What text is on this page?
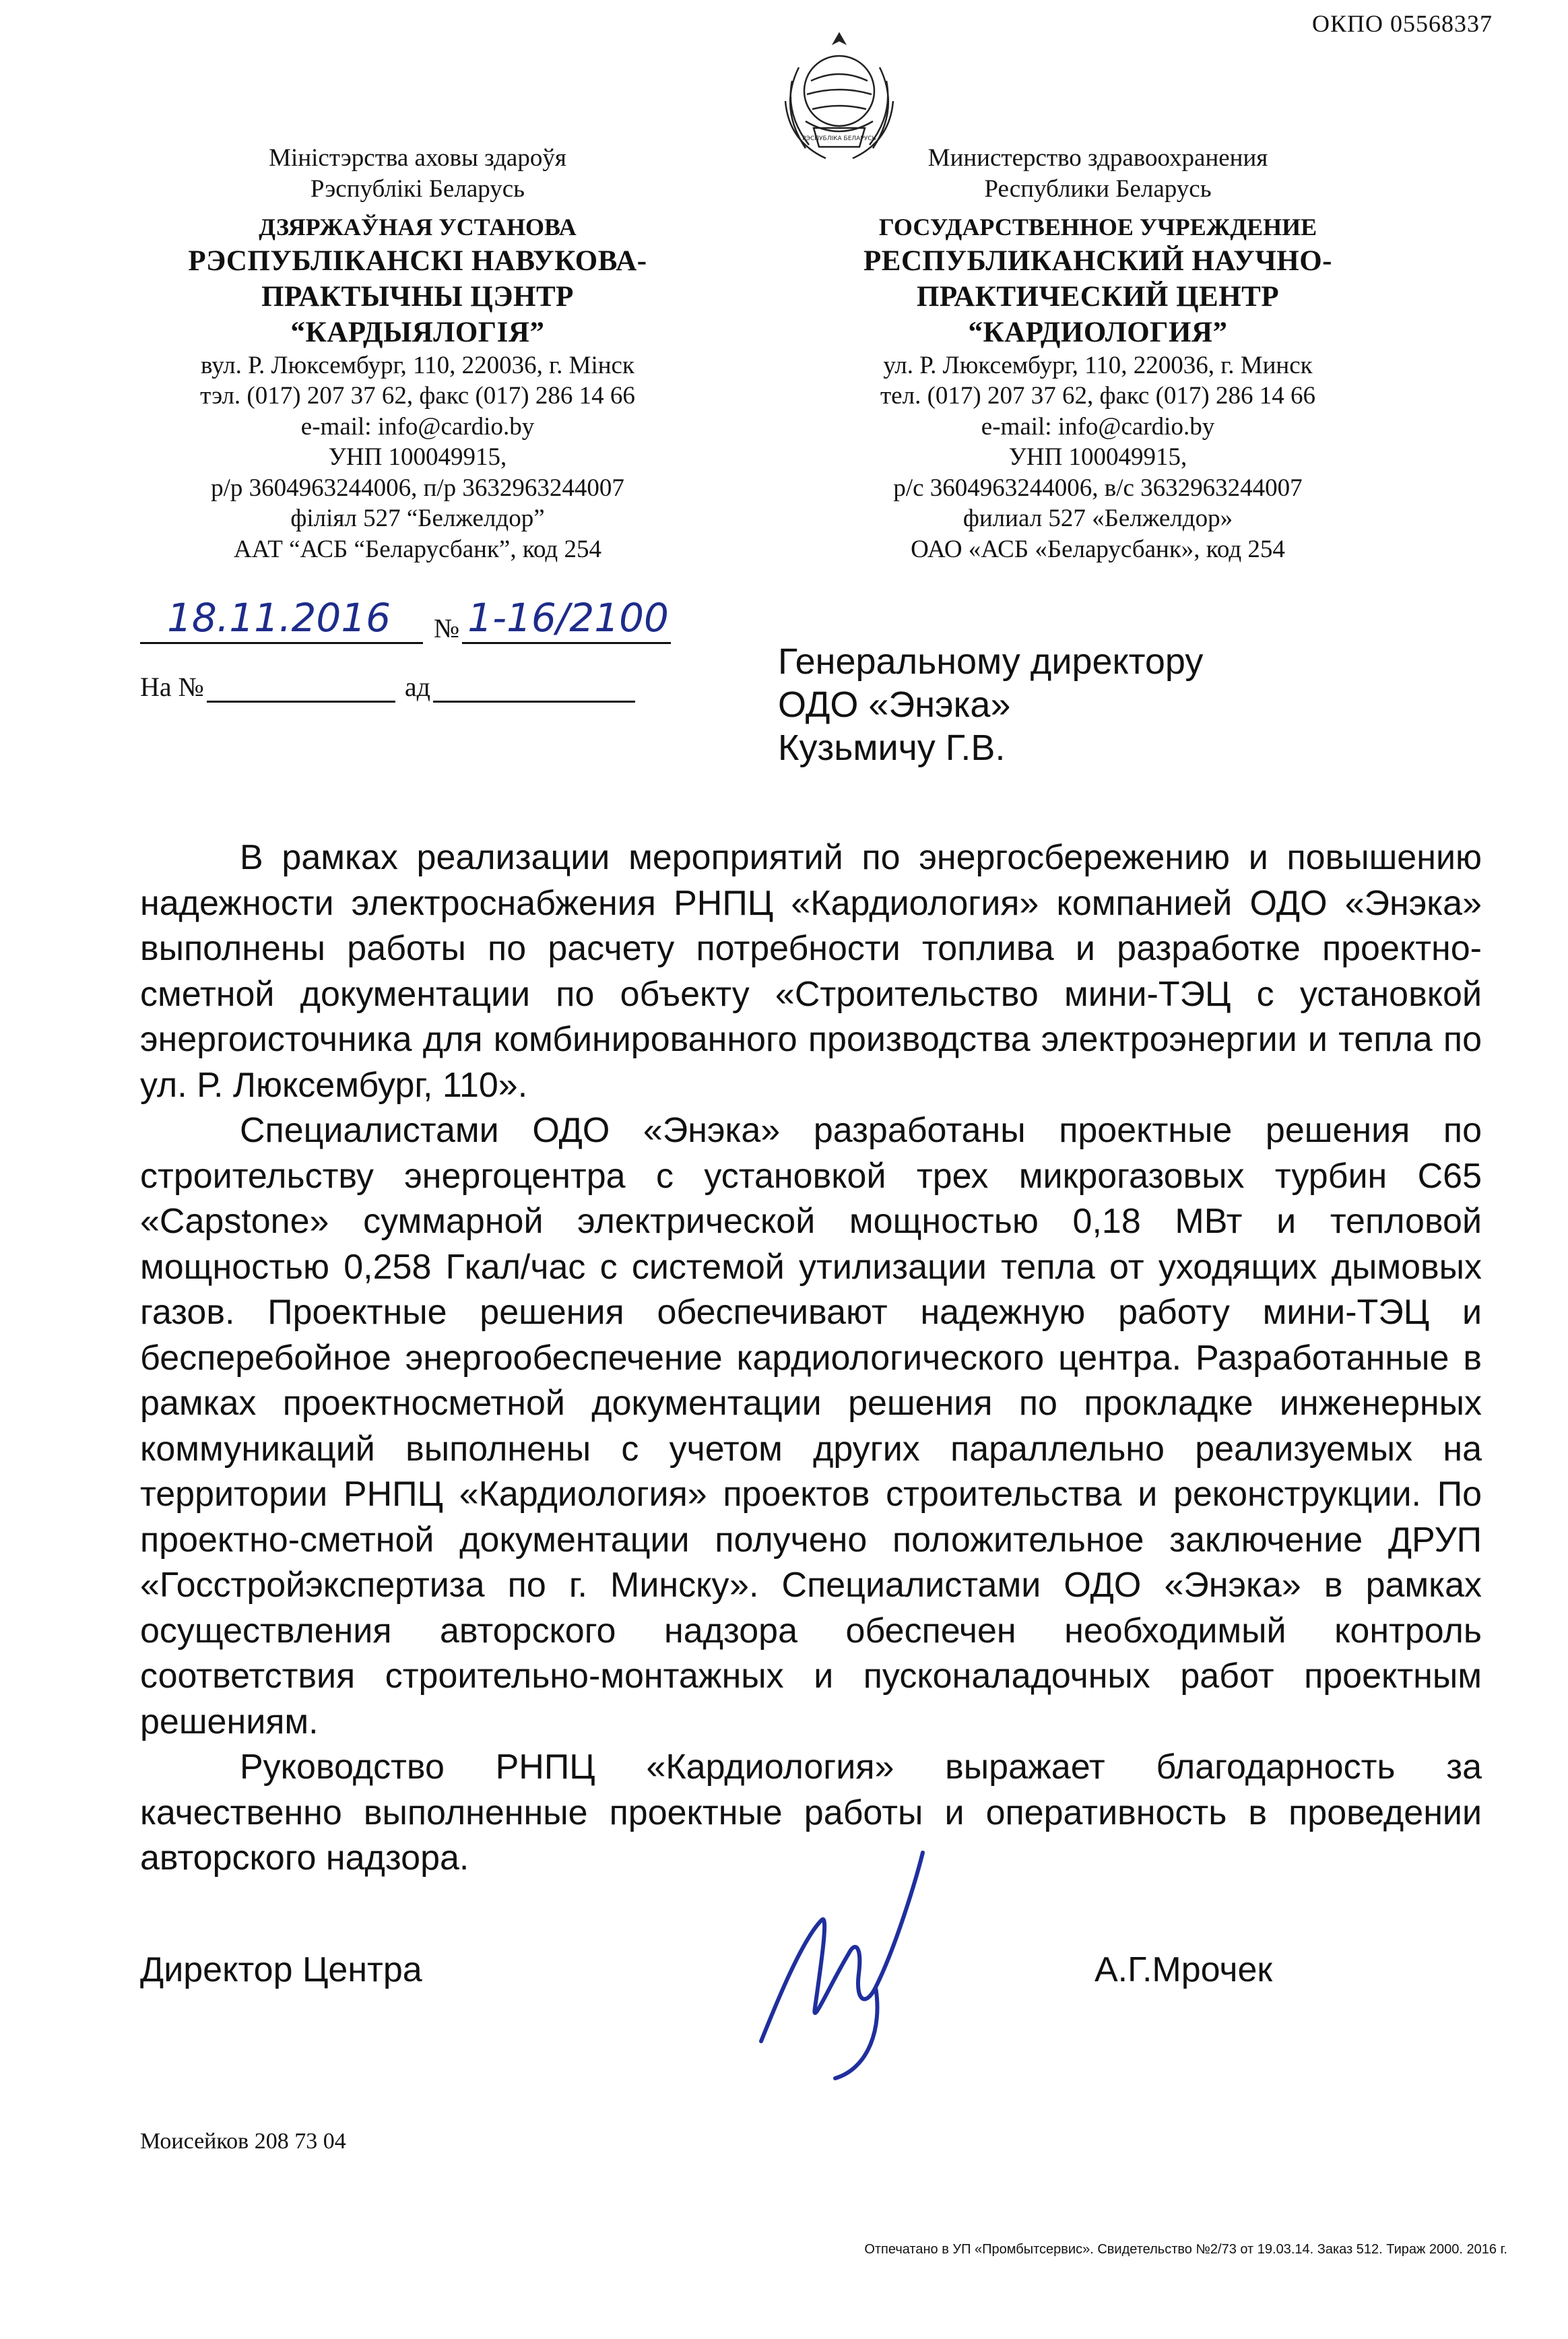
ОКПО 05568337
РЭСПУБЛІКА БЕЛАРУСЬ
Міністэрства аховы здароўя
Рэспублікі Беларусь
ДЗЯРЖАЎНАЯ УСТАНОВА
РЭСПУБЛІКАНСКІ НАВУКОВА-
ПРАКТЫЧНЫ ЦЭНТР
“КАРДЫЯЛОГІЯ”
вул. Р. Люксембург, 110, 220036, г. Мінск
тэл. (017) 207 37 62, факс (017) 286 14 66
e-mail: info@cardio.by
УНП 100049915,
р/р 3604963244006, п/р 3632963244007
філіял 527 “Белжелдор”
ААТ “АСБ “Беларусбанк”, код 254
Министерство здравоохранения
Республики Беларусь
ГОСУДАРСТВЕННОЕ УЧРЕЖДЕНИЕ
РЕСПУБЛИКАНСКИЙ НАУЧНО-
ПРАКТИЧЕСКИЙ ЦЕНТР
“КАРДИОЛОГИЯ”
ул. Р. Люксембург, 110, 220036, г. Минск
тел. (017) 207 37 62, факс (017) 286 14 66
e-mail: info@cardio.by
УНП 100049915,
р/с 3604963244006, в/с 3632963244007
филиал 527 «Белжелдор»
ОАО «АСБ «Беларусбанк», код 254
18.11.2016 № 1-16/2100
На №	ад
Генеральному директору
ОДО «Энэка»
Кузьмичу Г.В.

В рамках реализации мероприятий по энергосбережению и повышению надежности электроснабжения РНПЦ «Кардиология» компанией ОДО «Энэка» выполнены работы по расчету потребности топлива и разработке проектно-сметной документации по объекту «Строительство мини-ТЭЦ с установкой энергоисточника для комбинированного производства электроэнергии и тепла по ул. Р. Люксембург, 110».

Специалистами ОДО «Энэка» разработаны проектные решения по строительству энергоцентра с установкой трех микрогазовых турбин С65 «Capstone» суммарной электрической мощностью 0,18 МВт и тепловой мощностью 0,258 Гкал/час с системой утилизации тепла от уходящих дымовых газов. Проектные решения обеспечивают надежную работу мини-ТЭЦ и бесперебойное энергообеспечение кардиологического центра. Разработанные в рамках проектносметной документации решения по прокладке инженерных коммуникаций выполнены с учетом других параллельно реализуемых на территории РНПЦ «Кардиология» проектов строительства и реконструкции. По проектно-сметной документации получено положительное заключение ДРУП «Госстройэкспертиза по г. Минску». Специалистами ОДО «Энэка» в рамках осуществления авторского надзора обеспечен необходимый контроль соответствия строительно-монтажных и пусконаладочных работ проектным решениям.

Руководство РНПЦ «Кардиология» выражает благодарность за качественно выполненные проектные работы и оперативность в проведении авторского надзора.

Директор Центра	А.Г.Мрочек
Моисейков 208 73 04
Отпечатано в УП «Промбытсервис». Свидетельство №2/73 от 19.03.14. Заказ 512. Тираж 2000. 2016 г.
